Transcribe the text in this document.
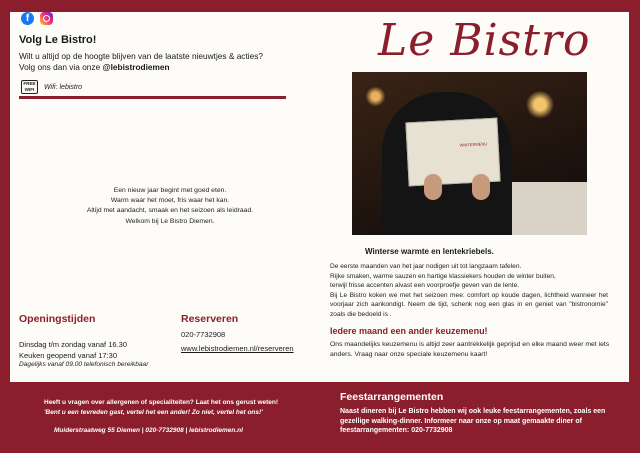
f
Volg Le Bistro!
Wilt u altijd op de hoogte blijven van de laatste nieuwtjes & acties?
Volg ons dan via onze @lebistrodiemen
FREE WIFI	Wifi: lebistro
Een nieuw jaar begint met goed eten.
Warm waar het moet, fris waar het kan.
Altijd met aandacht, smaak en het seizoen als leidraad.
Welkom bij Le Bistro Diemen.
Le Bistro
WINTERMENU
Winterse warmte en lentekriebels.
De eerste maanden van het jaar nodigen uit tot langzaam tafelen.
Rijke smaken, warme sauzen en hartige klassiekers houden de winter buiten,
terwijl frisse accenten alvast een voorproefje geven van de lente.
Bij Le Bistro koken we met het seizoen mee: comfort op koude dagen, lichtheid wanneer het voorjaar zich aankondigt. Neem de tijd, schenk nog een glas in en geniet van "bistronomie" zoals die bedoeld is .
Iedere maand een ander keuzemenu!
Ons maandelijks keuzemenu is altijd zeer aantrekkelijk geprijsd en elke maand weer met iets anders. Vraag naar onze speciale keuzemenu kaart!
Openingstijden
Dinsdag t/m zondag vanaf 16.30
Keuken geopend vanaf 17:30
Dagelijks vanaf 09.00 telefonisch bereikbaar
Reserveren
020-7732908
www.lebistrodiemen.nl/reserveren
Heeft u vragen over allergenen of specialiteiten? Laat het ons gerust weten!
'Bent u een tevreden gast, vertel het een ander! Zo niet, vertel het ons!'
Muiderstraatweg 55 Diemen | 020-7732908 | lebistrodiemen.nl
Feestarrangementen
Naast dineren bij Le Bistro hebben wij ook leuke feestarrangementen, zoals een gezellige walking-dinner. Informeer naar onze op maat gemaakte diner of feestarrangementen: 020-7732908
